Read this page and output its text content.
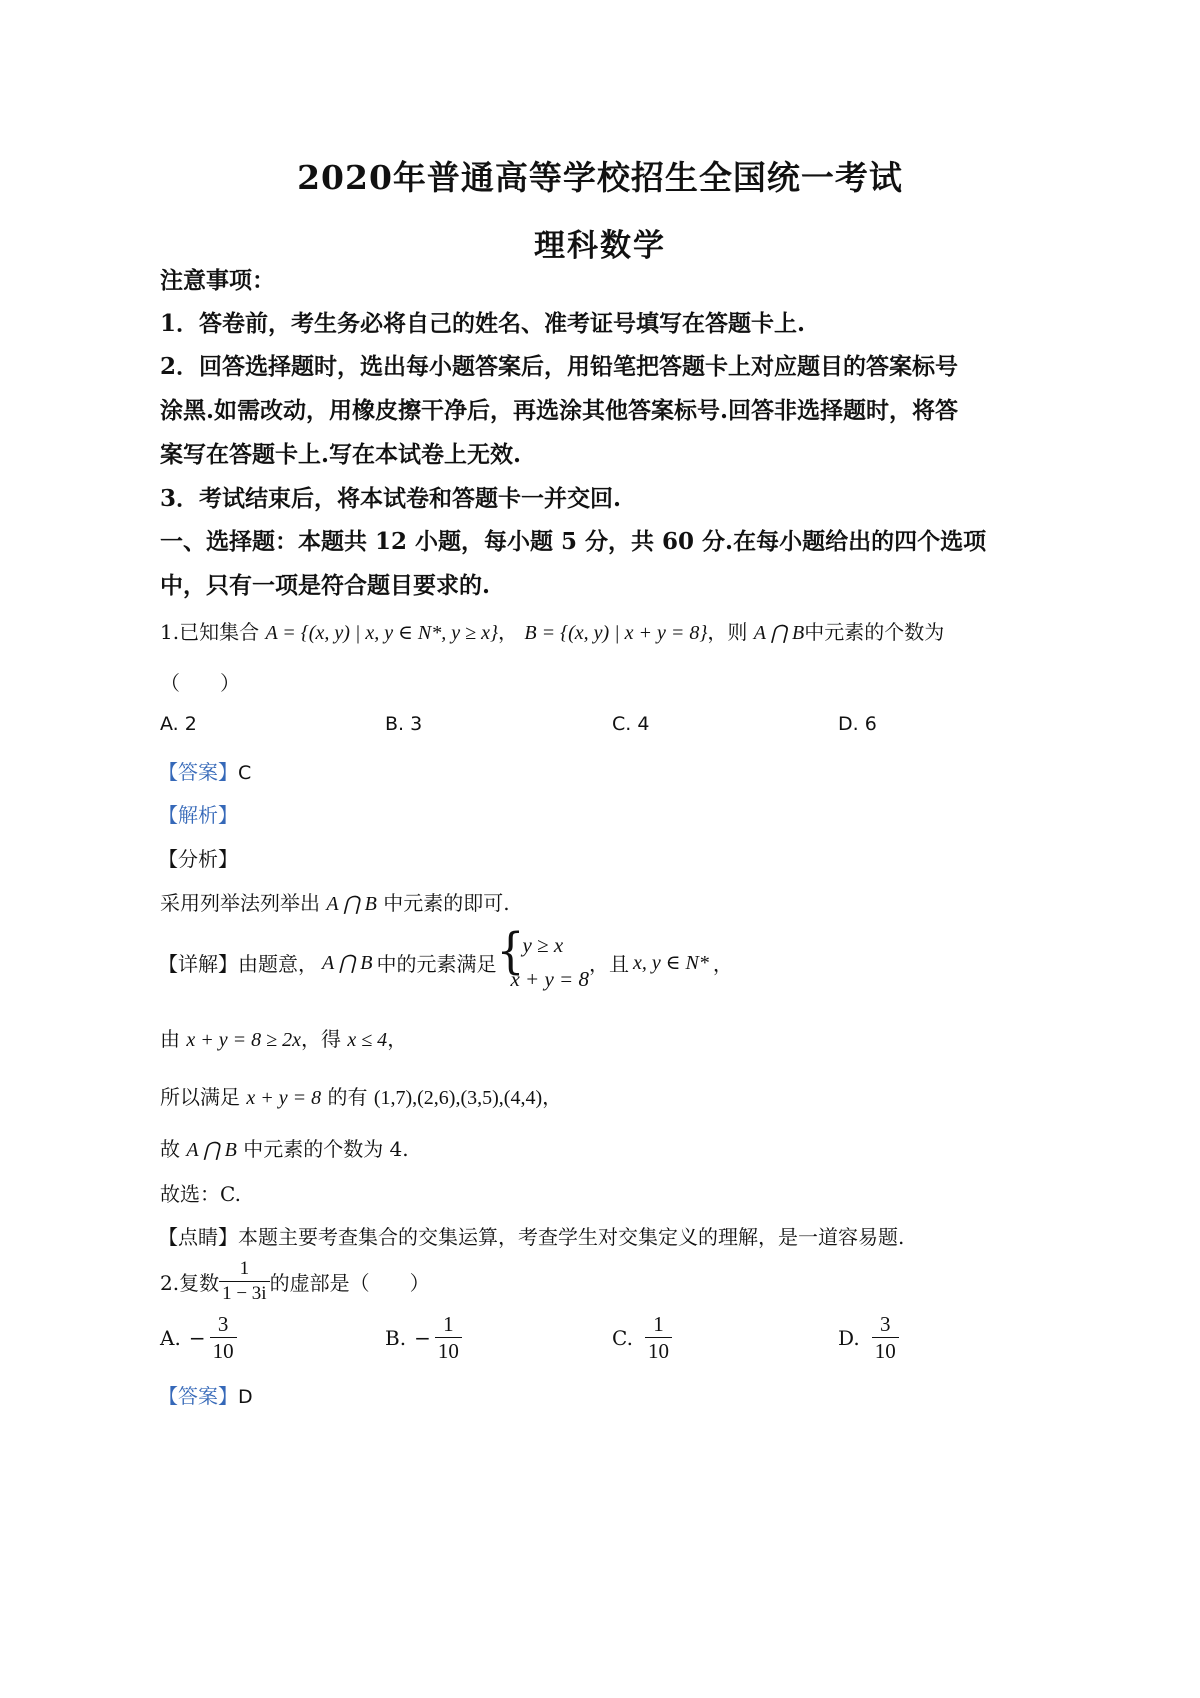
2020年普通高等学校招生全国统一考试
理科数学
注意事项：
1．答卷前，考生务必将自己的姓名、准考证号填写在答题卡上.
2．回答选择题时，选出每小题答案后，用铅笔把答题卡上对应题目的答案标号
涂黑.如需改动，用橡皮擦干净后，再选涂其他答案标号.回答非选择题时，将答
案写在答题卡上.写在本试卷上无效.
3．考试结束后，将本试卷和答题卡一并交回.
一、选择题：本题共 12 小题，每小题 5 分，共 60 分.在每小题给出的四个选项
中，只有一项是符合题目要求的.
1.已知集合 A = {(x, y) | x, y ∈ N*, y ≥ x}， B = {(x, y) | x + y = 8}，则 A ⋂ B中元素的个数为
（　　）
A. 2	B. 3	C. 4	D. 6
【答案】C
【解析】
【分析】
采用列举法列举出 A ⋂ B 中元素的即可.
【详解】 由题意， A ⋂ B 中的元素满足 {
y ≥ x
x + y = 8
，且 x, y ∈ N* ，
由 x + y = 8 ≥ 2x，得 x ≤ 4，
所以满足 x + y = 8 的有 (1,7),(2,6),(3,5),(4,4)，
故 A ⋂ B 中元素的个数为 4.
故选：C.
【点睛】本题主要考查集合的交集运算，考查学生对交集定义的理解，是一道容易题.
2.复数 $\frac{1}{1 - 3i}$ 的虚部是（　　）
A. − $\frac{3}{10}$	B. − $\frac{1}{10}$	C. $\frac{1}{10}$	D. $\frac{3}{10}$
【答案】D
